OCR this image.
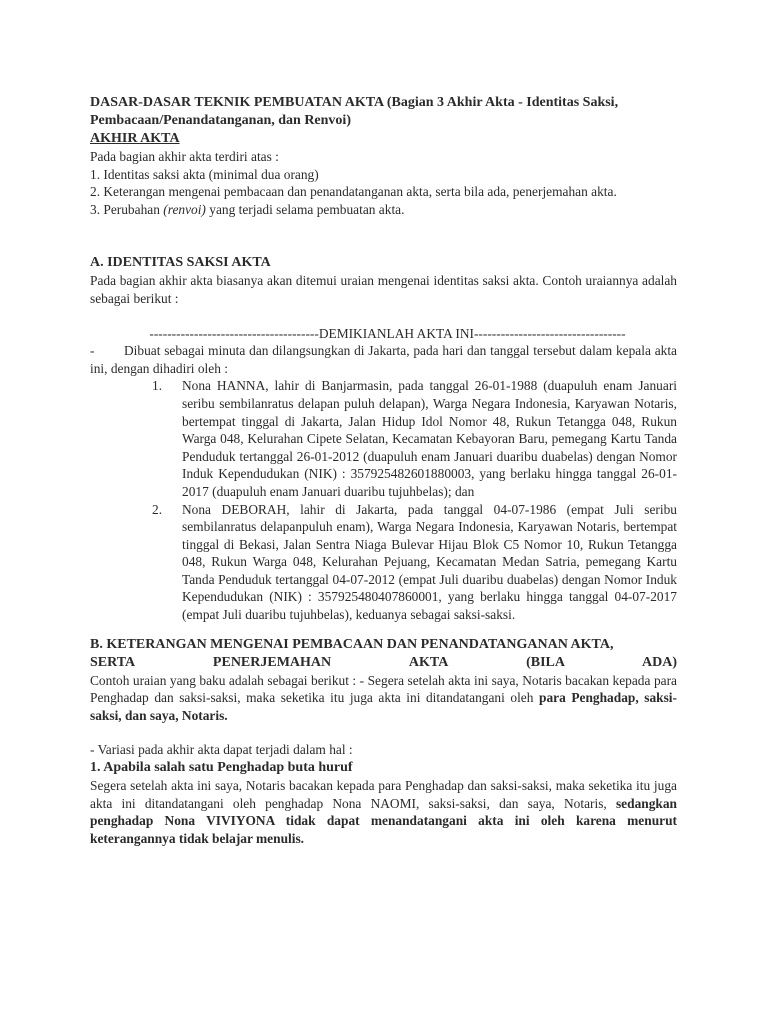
DASAR-DASAR TEKNIK PEMBUATAN AKTA (Bagian 3 Akhir Akta - Identitas Saksi, Pembacaan/Penandatanganan, dan Renvoi)

AKHIR AKTA

Pada bagian akhir akta terdiri atas :

1. Identitas saksi akta (minimal dua orang)

2. Keterangan mengenai pembacaan dan penandatanganan akta, serta bila ada, penerjemahan akta.

3. Perubahan (renvoi) yang terjadi selama pembuatan akta.

A. IDENTITAS SAKSI AKTA

Pada bagian akhir akta biasanya akan ditemui uraian mengenai identitas saksi akta. Contoh uraiannya adalah sebagai berikut :

--------------------------------------DEMIKIANLAH AKTA INI----------------------------------

- Dibuat sebagai minuta dan dilangsungkan di Jakarta, pada hari dan tanggal tersebut dalam kepala akta ini, dengan dihadiri oleh :

1. Nona HANNA, lahir di Banjarmasin, pada tanggal 26-01-1988 (duapuluh enam Januari seribu sembilanratus delapan puluh delapan), Warga Negara Indonesia, Karyawan Notaris, bertempat tinggal di Jakarta, Jalan Hidup Idol Nomor 48, Rukun Tetangga 048, Rukun Warga 048, Kelurahan Cipete Selatan, Kecamatan Kebayoran Baru, pemegang Kartu Tanda Penduduk tertanggal 26-01-2012 (duapuluh enam Januari duaribu duabelas) dengan Nomor Induk Kependudukan (NIK) : 357925482601880003, yang berlaku hingga tanggal 26-01-2017 (duapuluh enam Januari duaribu tujuhbelas); dan
2. Nona DEBORAH, lahir di Jakarta, pada tanggal 04-07-1986 (empat Juli seribu sembilanratus delapanpuluh enam), Warga Negara Indonesia, Karyawan Notaris, bertempat tinggal di Bekasi, Jalan Sentra Niaga Bulevar Hijau Blok C5 Nomor 10, Rukun Tetangga 048, Rukun Warga 048, Kelurahan Pejuang, Kecamatan Medan Satria, pemegang Kartu Tanda Penduduk tertanggal 04-07-2012 (empat Juli duaribu duabelas) dengan Nomor Induk Kependudukan (NIK) : 357925480407860001, yang berlaku hingga tanggal 04-07-2017 (empat Juli duaribu tujuhbelas), keduanya sebagai saksi-saksi.

B. KETERANGAN MENGENAI PEMBACAAN DAN PENANDATANGANAN AKTA,

SERTA PENERJEMAHAN AKTA (BILA ADA)

Contoh uraian yang baku adalah sebagai berikut : - Segera setelah akta ini saya, Notaris bacakan kepada para Penghadap dan saksi-saksi, maka seketika itu juga akta ini ditandatangani oleh para Penghadap, saksi-saksi, dan saya, Notaris.

- Variasi pada akhir akta dapat terjadi dalam hal :

1. Apabila salah satu Penghadap buta huruf

Segera setelah akta ini saya, Notaris bacakan kepada para Penghadap dan saksi-saksi, maka seketika itu juga akta ini ditandatangani oleh penghadap Nona NAOMI, saksi-saksi, dan saya, Notaris, sedangkan penghadap Nona VIVIYONA tidak dapat menandatangani akta ini oleh karena menurut keterangannya tidak belajar menulis.
